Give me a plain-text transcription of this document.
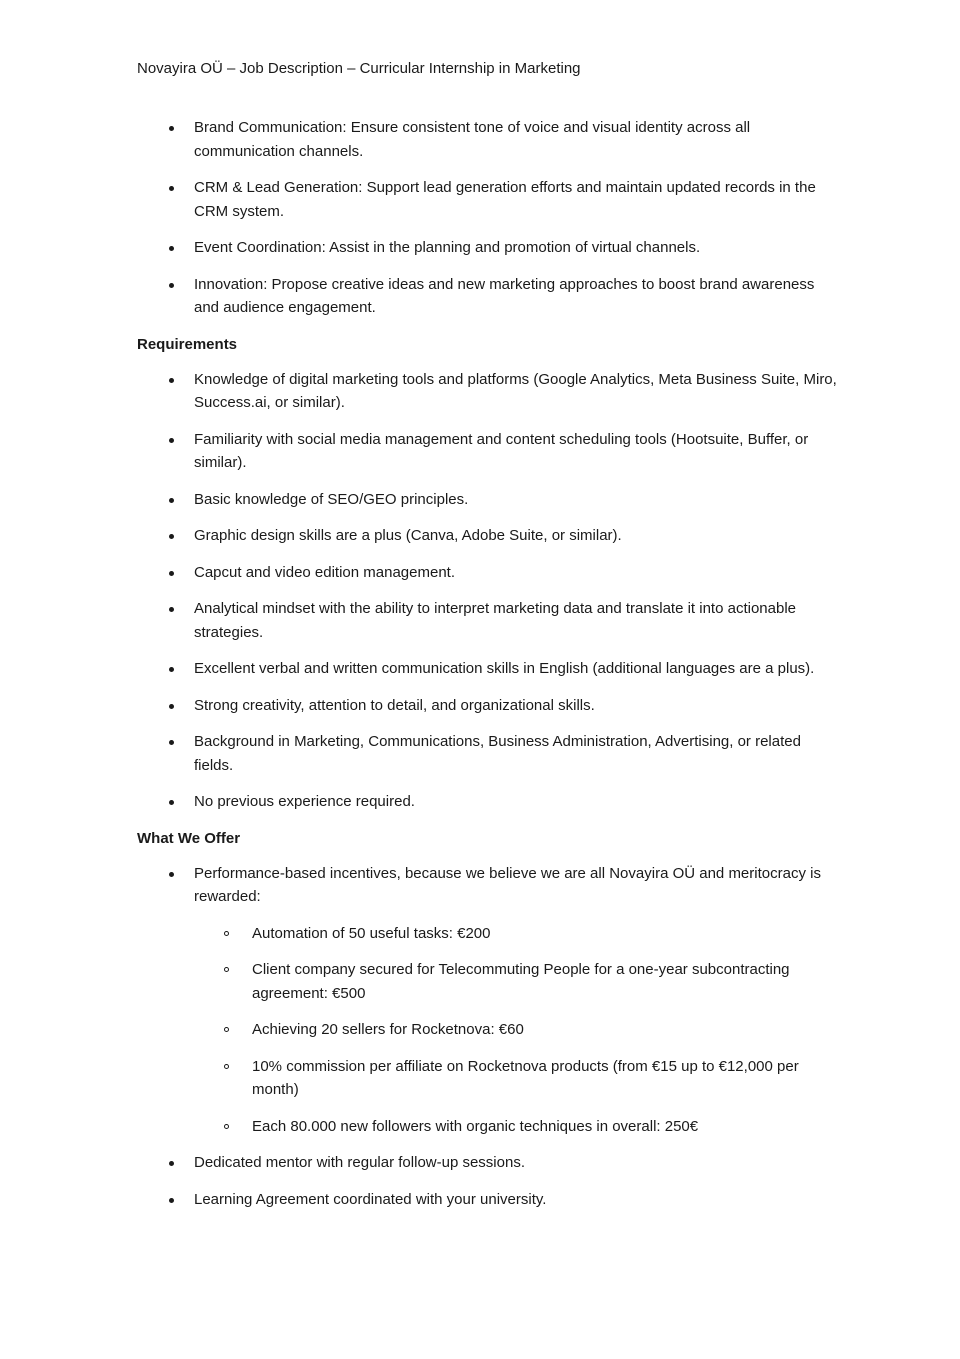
Novayira OÜ – Job Description – Curricular Internship in Marketing
Brand Communication: Ensure consistent tone of voice and visual identity across all communication channels.
CRM & Lead Generation: Support lead generation efforts and maintain updated records in the CRM system.
Event Coordination: Assist in the planning and promotion of virtual channels.
Innovation: Propose creative ideas and new marketing approaches to boost brand awareness and audience engagement.
Requirements
Knowledge of digital marketing tools and platforms (Google Analytics, Meta Business Suite, Miro, Success.ai, or similar).
Familiarity with social media management and content scheduling tools (Hootsuite, Buffer, or similar).
Basic knowledge of SEO/GEO principles.
Graphic design skills are a plus (Canva, Adobe Suite, or similar).
Capcut and video edition management.
Analytical mindset with the ability to interpret marketing data and translate it into actionable strategies.
Excellent verbal and written communication skills in English (additional languages are a plus).
Strong creativity, attention to detail, and organizational skills.
Background in Marketing, Communications, Business Administration, Advertising, or related fields.
No previous experience required.
What We Offer
Performance-based incentives, because we believe we are all Novayira OÜ and meritocracy is rewarded:
Automation of 50 useful tasks: €200
Client company secured for Telecommuting People for a one-year subcontracting agreement: €500
Achieving 20 sellers for Rocketnova: €60
10% commission per affiliate on Rocketnova products (from €15 up to €12,000 per month)
Each 80.000 new followers with organic techniques in overall: 250€
Dedicated mentor with regular follow-up sessions.
Learning Agreement coordinated with your university.
